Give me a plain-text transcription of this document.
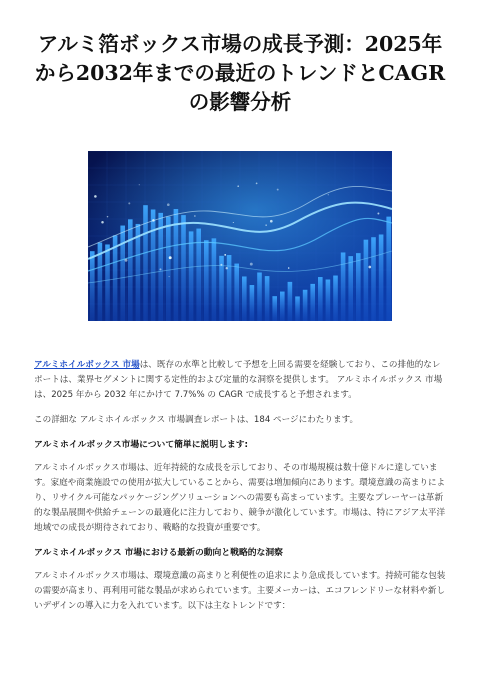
アルミ箔ボックス市場の成長予測：2025年から2032年までの最近のトレンドとCAGRの影響分析

アルミホイルボックス 市場は、既存の水準と比較して予想を上回る需要を経験しており、この排他的なレポートは、業界セグメントに関する定性的および定量的な洞察を提供します。 アルミホイルボックス 市場は、2025 年から 2032 年にかけて 7.7%% の CAGR で成長すると予想されます。

この詳細な アルミホイルボックス 市場調査レポートは、184 ページにわたります。

アルミホイルボックス市場について簡単に説明します:

アルミホイルボックス市場は、近年持続的な成長を示しており、その市場規模は数十億ドルに達しています。家庭や商業施設での使用が拡大していることから、需要は増加傾向にあります。環境意識の高まりにより、リサイクル可能なパッケージングソリューションへの需要も高まっています。主要なプレーヤーは革新的な製品展開や供給チェーンの最適化に注力しており、競争が激化しています。市場は、特にアジア太平洋地域での成長が期待されており、戦略的な投資が重要です。

アルミホイルボックス 市場における最新の動向と戦略的な洞察

アルミホイルボックス市場は、環境意識の高まりと利便性の追求により急成長しています。持続可能な包装の需要が高まり、再利用可能な製品が求められています。主要メーカーは、エコフレンドリーな材料や新しいデザインの導入に力を入れています。以下は主なトレンドです：
